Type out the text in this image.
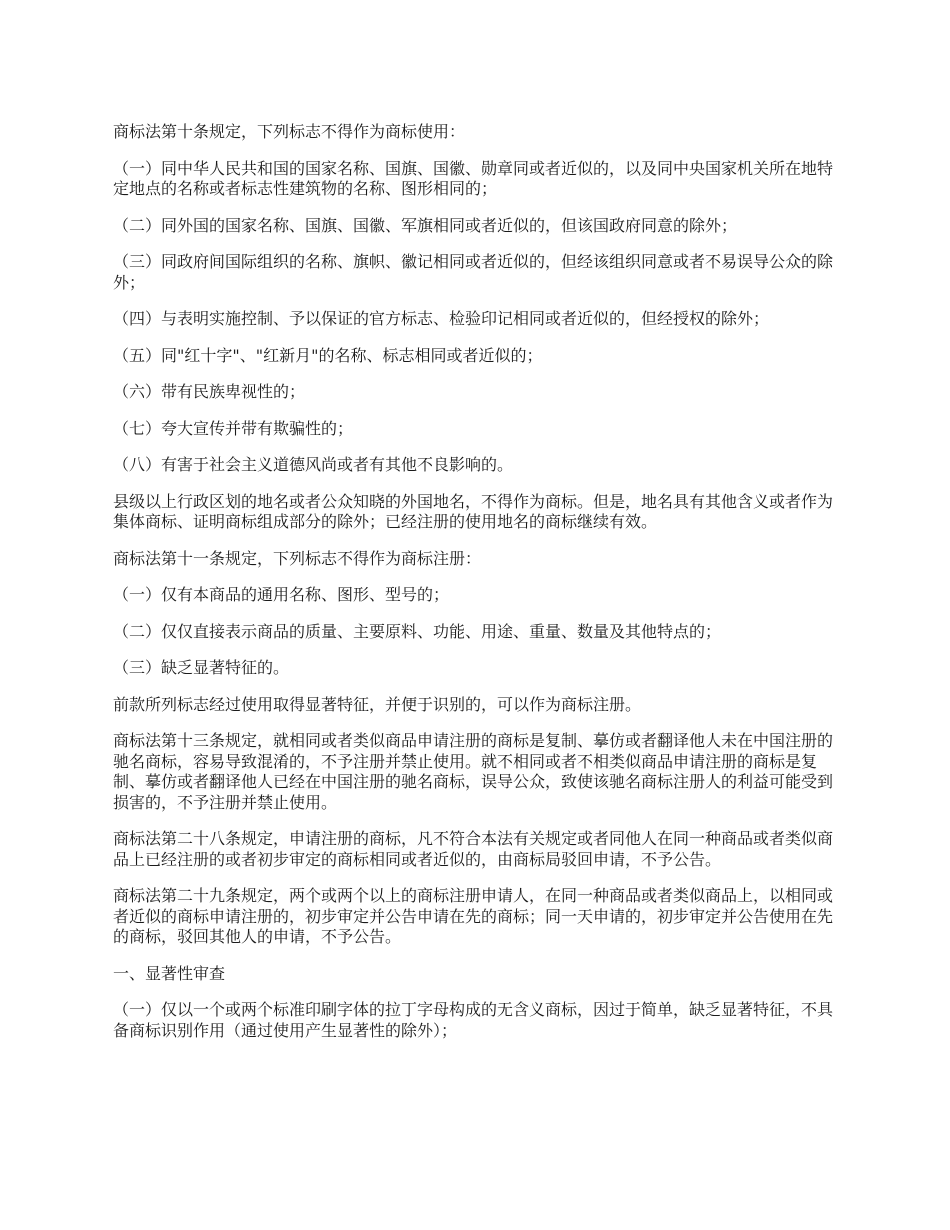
商标法第十条规定，下列标志不得作为商标使用：

（一）同中华人民共和国的国家名称、国旗、国徽、勋章同或者近似的，以及同中央国家机关所在地特定地点的名称或者标志性建筑物的名称、图形相同的；

（二）同外国的国家名称、国旗、国徽、军旗相同或者近似的，但该国政府同意的除外；

（三）同政府间国际组织的名称、旗帜、徽记相同或者近似的，但经该组织同意或者不易误导公众的除外；

（四）与表明实施控制、予以保证的官方标志、检验印记相同或者近似的，但经授权的除外；

（五）同"红十字"、"红新月"的名称、标志相同或者近似的；

（六）带有民族卑视性的；

（七）夸大宣传并带有欺骗性的；

（八）有害于社会主义道德风尚或者有其他不良影响的。

县级以上行政区划的地名或者公众知晓的外国地名，不得作为商标。但是，地名具有其他含义或者作为集体商标、证明商标组成部分的除外；已经注册的使用地名的商标继续有效。

商标法第十一条规定，下列标志不得作为商标注册：

（一）仅有本商品的通用名称、图形、型号的；

（二）仅仅直接表示商品的质量、主要原料、功能、用途、重量、数量及其他特点的；

（三）缺乏显著特征的。

前款所列标志经过使用取得显著特征，并便于识别的，可以作为商标注册。

商标法第十三条规定，就相同或者类似商品申请注册的商标是复制、摹仿或者翻译他人未在中国注册的驰名商标，容易导致混淆的，不予注册并禁止使用。就不相同或者不相类似商品申请注册的商标是复制、摹仿或者翻译他人已经在中国注册的驰名商标，误导公众，致使该驰名商标注册人的利益可能受到损害的，不予注册并禁止使用。

商标法第二十八条规定，申请注册的商标，凡不符合本法有关规定或者同他人在同一种商品或者类似商品上已经注册的或者初步审定的商标相同或者近似的，由商标局驳回申请，不予公告。

商标法第二十九条规定，两个或两个以上的商标注册申请人，在同一种商品或者类似商品上，以相同或者近似的商标申请注册的，初步审定并公告申请在先的商标；同一天申请的，初步审定并公告使用在先的商标，驳回其他人的申请，不予公告。

一、显著性审查

（一）仅以一个或两个标准印刷字体的拉丁字母构成的无含义商标，因过于简单，缺乏显著特征，不具备商标识别作用（通过使用产生显著性的除外）；
